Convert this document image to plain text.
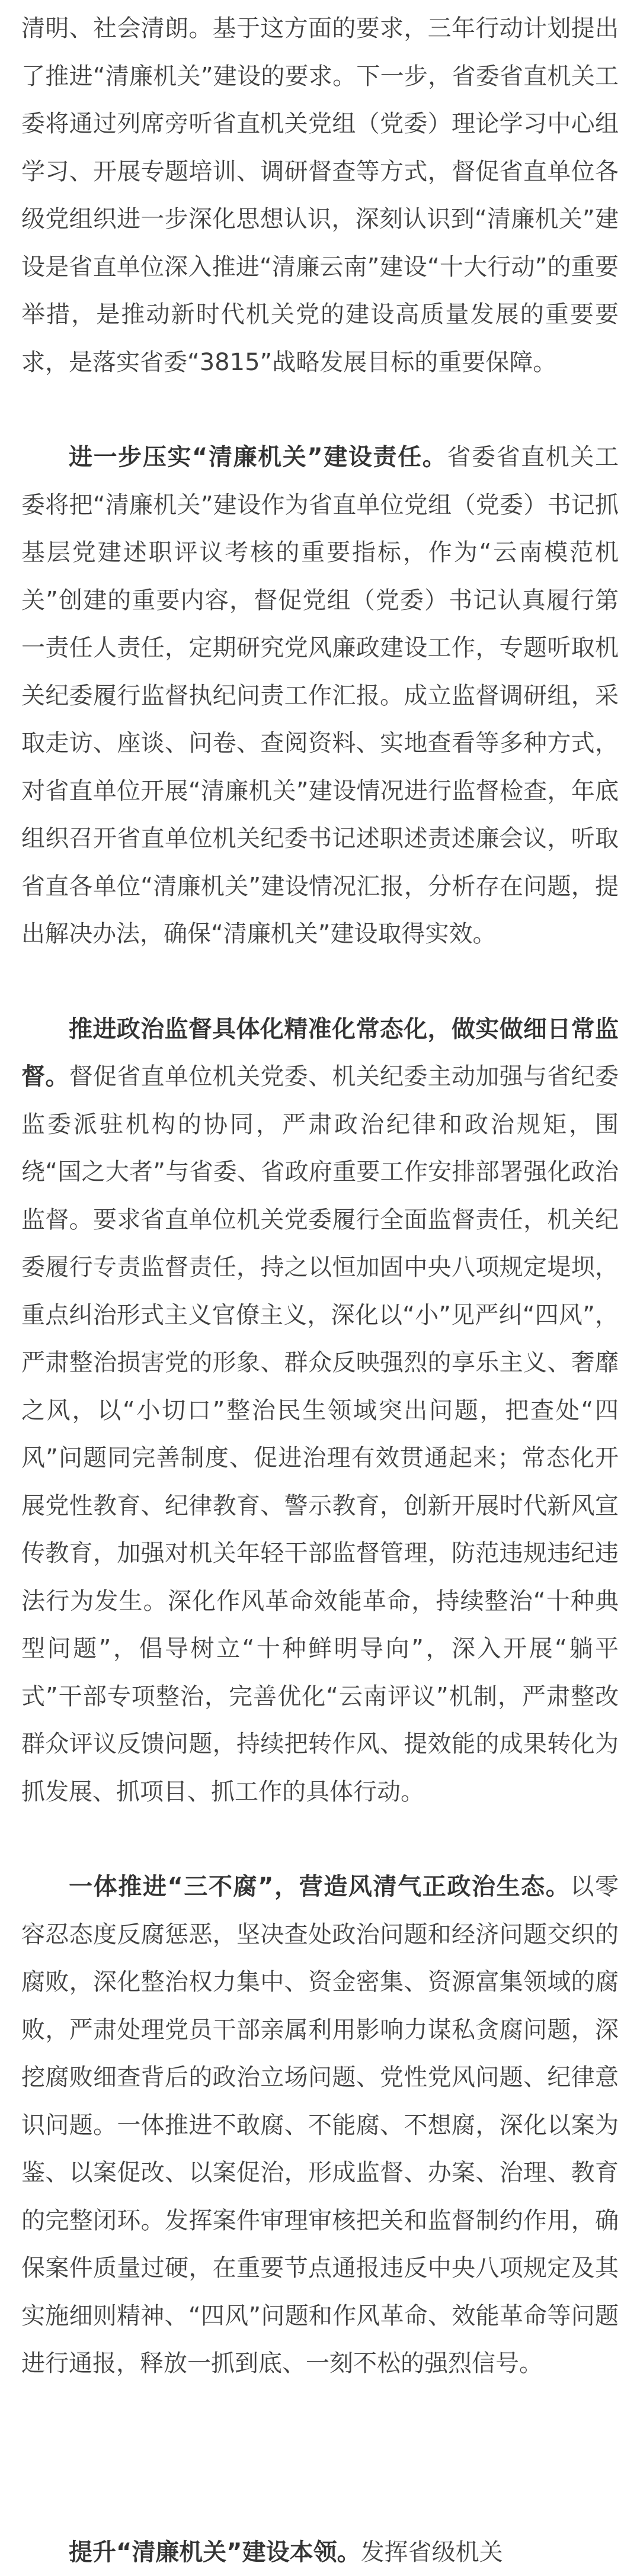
清明、社会清朗。基于这方面的要求，三年行动计划提出了推进“清廉机关”建设的要求。下一步，省委省直机关工委将通过列席旁听省直机关党组（党委）理论学习中心组学习、开展专题培训、调研督查等方式，督促省直单位各级党组织进一步深化思想认识，深刻认识到“清廉机关”建设是省直单位深入推进“清廉云南”建设“十大行动”的重要举措，是推动新时代机关党的建设高质量发展的重要要求，是落实省委“3815”战略发展目标的重要保障。

进一步压实“清廉机关”建设责任。省委省直机关工委将把“清廉机关”建设作为省直单位党组（党委）书记抓基层党建述职评议考核的重要指标，作为“云南模范机关”创建的重要内容，督促党组（党委）书记认真履行第一责任人责任，定期研究党风廉政建设工作，专题听取机关纪委履行监督执纪问责工作汇报。成立监督调研组，采取走访、座谈、问卷、查阅资料、实地查看等多种方式，对省直单位开展“清廉机关”建设情况进行监督检查，年底组织召开省直单位机关纪委书记述职述责述廉会议，听取省直各单位“清廉机关”建设情况汇报，分析存在问题，提出解决办法，确保“清廉机关”建设取得实效。

推进政治监督具体化精准化常态化，做实做细日常监督。督促省直单位机关党委、机关纪委主动加强与省纪委监委派驻机构的协同，严肃政治纪律和政治规矩，围绕“国之大者”与省委、省政府重要工作安排部署强化政治监督。要求省直单位机关党委履行全面监督责任，机关纪委履行专责监督责任，持之以恒加固中央八项规定堤坝，重点纠治形式主义官僚主义，深化以“小”见严纠“四风”，严肃整治损害党的形象、群众反映强烈的享乐主义、奢靡之风，以“小切口”整治民生领域突出问题，把查处“四风”问题同完善制度、促进治理有效贯通起来；常态化开展党性教育、纪律教育、警示教育，创新开展时代新风宣传教育，加强对机关年轻干部监督管理，防范违规违纪违法行为发生。深化作风革命效能革命，持续整治“十种典型问题”，倡导树立“十种鲜明导向”，深入开展“躺平式”干部专项整治，完善优化“云南评议”机制，严肃整改群众评议反馈问题，持续把转作风、提效能的成果转化为抓发展、抓项目、抓工作的具体行动。

一体推进“三不腐”，营造风清气正政治生态。以零容忍态度反腐惩恶，坚决查处政治问题和经济问题交织的腐败，深化整治权力集中、资金密集、资源富集领域的腐败，严肃处理党员干部亲属利用影响力谋私贪腐问题，深挖腐败细查背后的政治立场问题、党性党风问题、纪律意识问题。一体推进不敢腐、不能腐、不想腐，深化以案为鉴、以案促改、以案促治，形成监督、办案、治理、教育的完整闭环。发挥案件审理审核把关和监督制约作用，确保案件质量过硬，在重要节点通报违反中央八项规定及其实施细则精神、“四风”问题和作风革命、效能革命等问题进行通报，释放一抓到底、一刻不松的强烈信号。

提升“清廉机关”建设本领。发挥省级机关
